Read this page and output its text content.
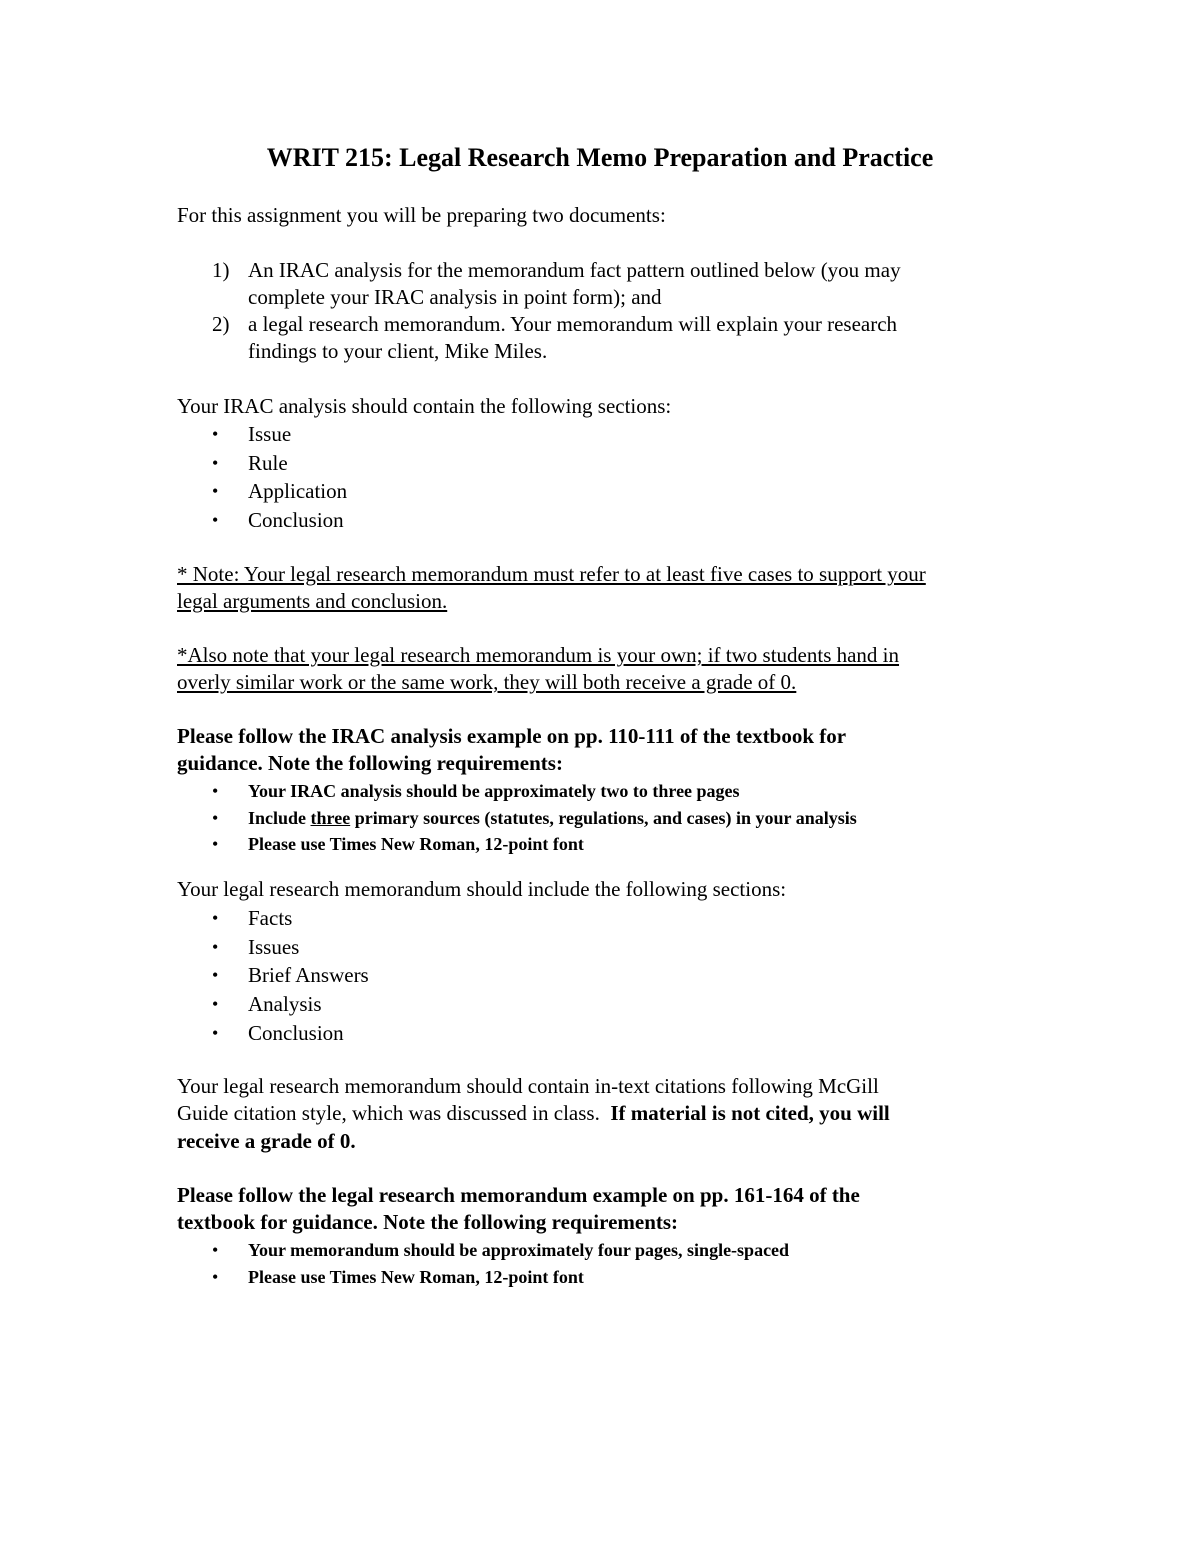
WRIT 215: Legal Research Memo Preparation and Practice

For this assignment you will be preparing two documents:

1) An IRAC analysis for the memorandum fact pattern outlined below (you may
complete your IRAC analysis in point form); and
2) a legal research memorandum. Your memorandum will explain your research
findings to your client, Mike Miles.

Your IRAC analysis should contain the following sections:

• Issue
• Rule
• Application
• Conclusion

* Note: Your legal research memorandum must refer to at least five cases to support your

legal arguments and conclusion.

*Also note that your legal research memorandum is your own; if two students hand in

overly similar work or the same work, they will both receive a grade of 0.

Please follow the IRAC analysis example on pp. 110-111 of the textbook for

guidance. Note the following requirements:

• Your IRAC analysis should be approximately two to three pages
• Include three primary sources (statutes, regulations, and cases) in your analysis
• Please use Times New Roman, 12-point font

Your legal research memorandum should include the following sections:

• Facts
• Issues
• Brief Answers
• Analysis
• Conclusion

Your legal research memorandum should contain in-text citations following McGill

Guide citation style, which was discussed in class.  If material is not cited, you will

receive a grade of 0.

Please follow the legal research memorandum example on pp. 161-164 of the

textbook for guidance. Note the following requirements:

• Your memorandum should be approximately four pages, single-spaced
• Please use Times New Roman, 12-point font
